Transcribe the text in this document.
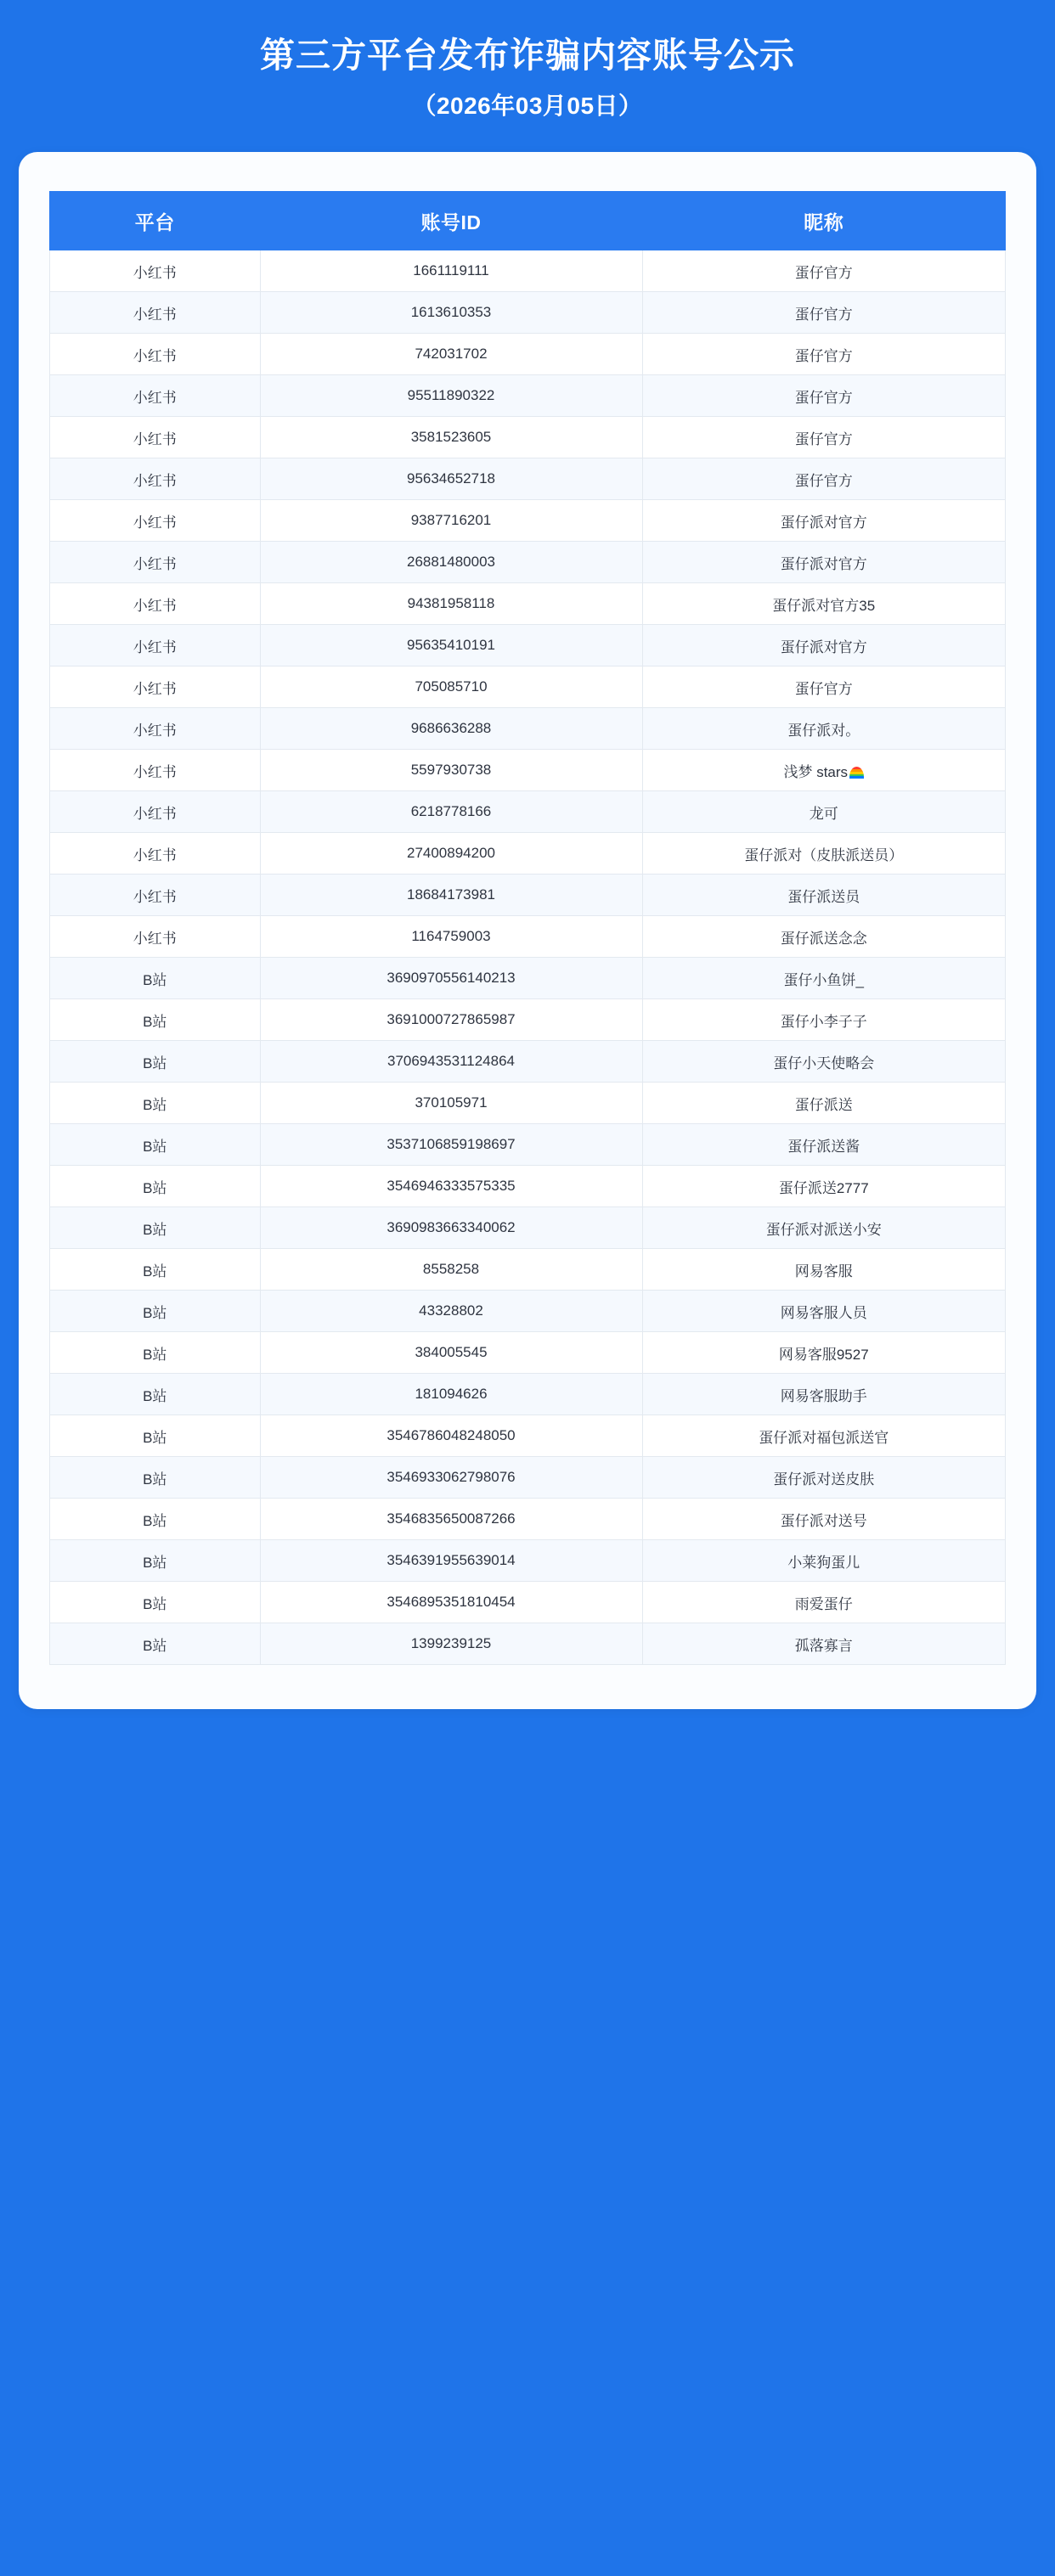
第三方平台发布诈骗内容账号公示
（2026年03月05日）
平台	账号ID	昵称
小红书	1661119111	蛋仔官方
小红书	1613610353	蛋仔官方
小红书	742031702	蛋仔官方
小红书	95511890322	蛋仔官方
小红书	3581523605	蛋仔官方
小红书	95634652718	蛋仔官方
小红书	9387716201	蛋仔派对官方
小红书	26881480003	蛋仔派对官方
小红书	94381958118	蛋仔派对官方35
小红书	95635410191	蛋仔派对官方
小红书	705085710	蛋仔官方
小红书	9686636288	蛋仔派对。
小红书	5597930738	浅梦 stars
小红书	6218778166	龙可
小红书	27400894200	蛋仔派对（皮肤派送员）
小红书	18684173981	蛋仔派送员
小红书	1164759003	蛋仔派送念念
B站	3690970556140213	蛋仔小鱼饼_
B站	3691000727865987	蛋仔小李子子
B站	3706943531124864	蛋仔小天使略会
B站	370105971	蛋仔派送
B站	3537106859198697	蛋仔派送酱
B站	3546946333575335	蛋仔派送2777
B站	3690983663340062	蛋仔派对派送小安
B站	8558258	网易客服
B站	43328802	网易客服人员
B站	384005545	网易客服9527
B站	181094626	网易客服助手
B站	3546786048248050	蛋仔派对福包派送官
B站	3546933062798076	蛋仔派对送皮肤
B站	3546835650087266	蛋仔派对送号
B站	3546391955639014	小莱狗蛋儿
B站	3546895351810454	雨爱蛋仔
B站	1399239125	孤落寡言
